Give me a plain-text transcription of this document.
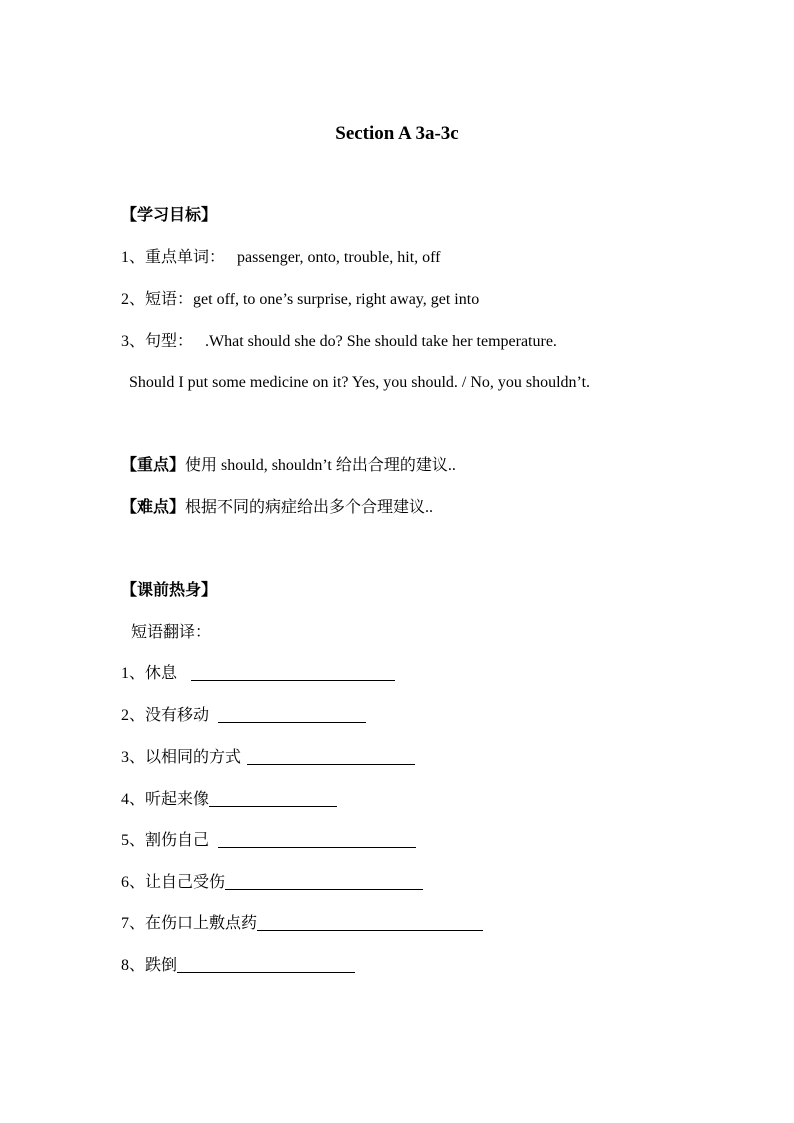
Section A 3a-3c
【学习目标】
1、重点单词： passenger, onto, trouble, hit, off
2、短语：get off, to one’s surprise, right away, get into
3、句型： .What should she do? She should take her temperature.
Should I put some medicine on it? Yes, you should. / No, you shouldn’t.
【重点】使用 should, shouldn’t 给出合理的建议..
【难点】根据不同的病症给出多个合理建议..
【课前热身】
短语翻译：
1、休息
2、没有移动
3、以相同的方式
4、听起来像
5、割伤自己
6、让自己受伤
7、在伤口上敷点药
8、跌倒
